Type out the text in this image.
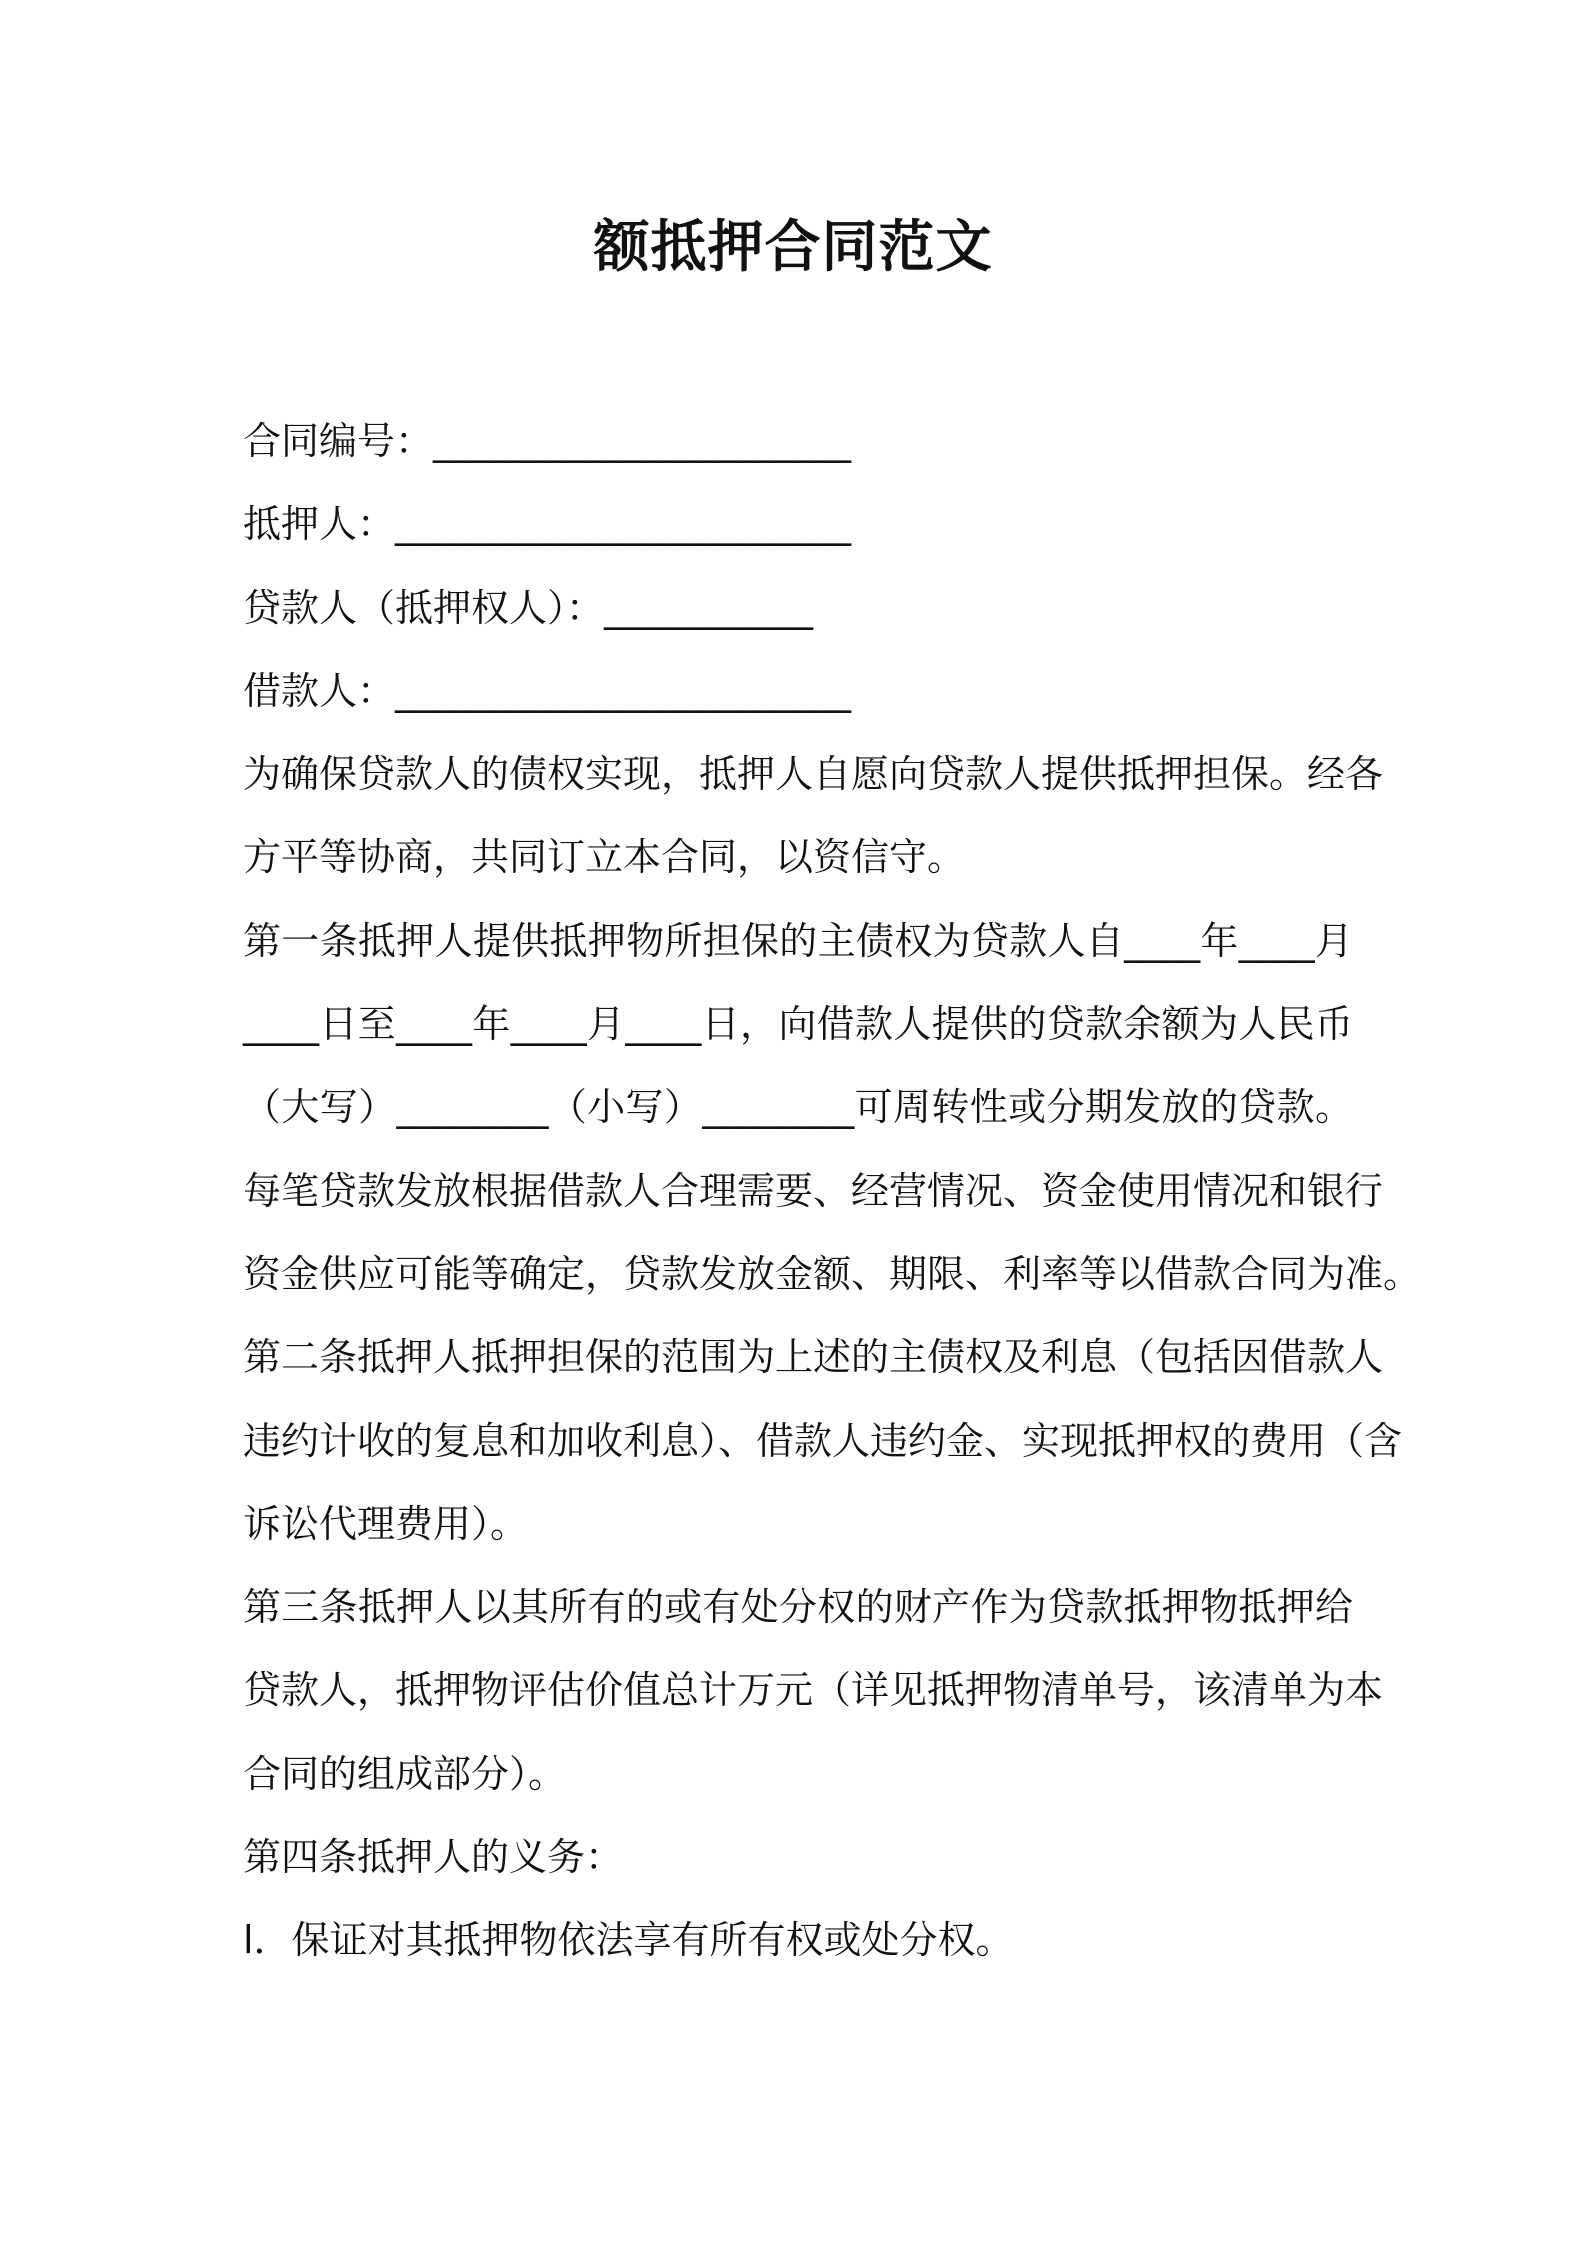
额抵押合同范文
合同编号：______________________
抵押人：________________________
贷款人（抵押权人）：___________
借款人：________________________
为确保贷款人的债权实现，抵押人自愿向贷款人提供抵押担保。经各
方平等协商，共同订立本合同，以资信守。
第一条抵押人提供抵押物所担保的主债权为贷款人自____年____月
____日至____年____月____日，向借款人提供的贷款余额为人民币
（大写）________（小写）________可周转性或分期发放的贷款。
每笔贷款发放根据借款人合理需要、经营情况、资金使用情况和银行
资金供应可能等确定，贷款发放金额、期限、利率等以借款合同为准。
第二条抵押人抵押担保的范围为上述的主债权及利息（包括因借款人
违约计收的复息和加收利息）、借款人违约金、实现抵押权的费用（含
诉讼代理费用）。
第三条抵押人以其所有的或有处分权的财产作为贷款抵押物抵押给
贷款人，抵押物评估价值总计万元（详见抵押物清单号，该清单为本
合同的组成部分）。
第四条抵押人的义务：
l．保证对其抵押物依法享有所有权或处分权。
